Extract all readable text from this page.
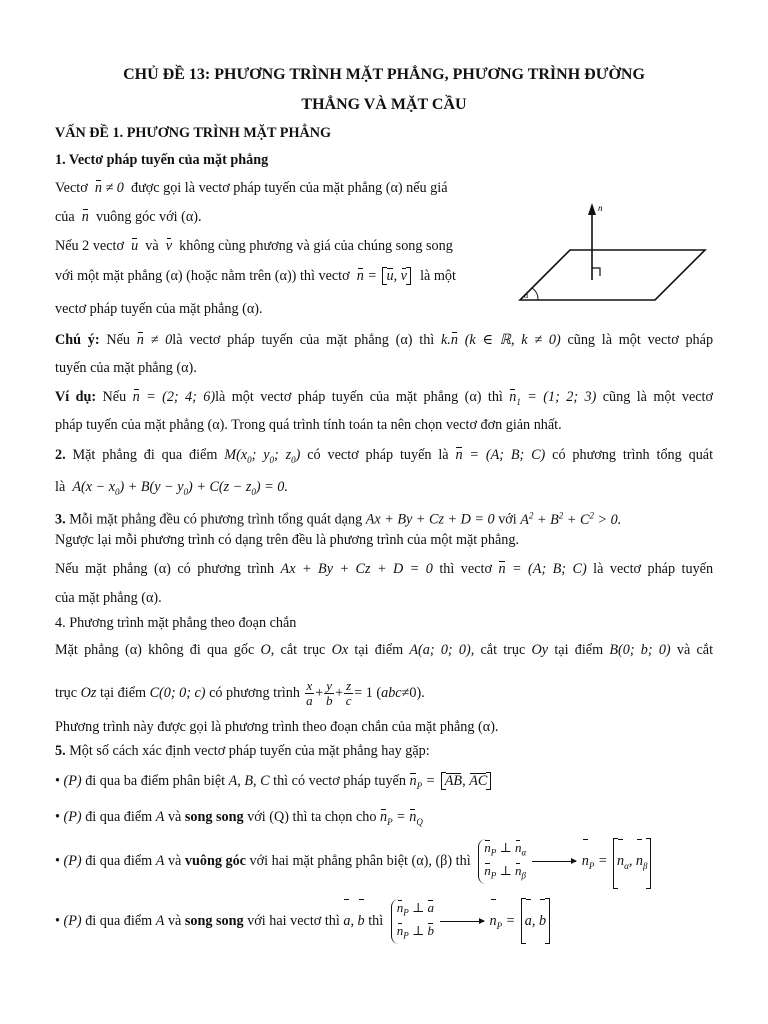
CHỦ ĐỀ 13: PHƯƠNG TRÌNH MẶT PHẲNG, PHƯƠNG TRÌNH ĐƯỜNG
THẲNG VÀ MẶT CẦU
VẤN ĐỀ 1. PHƯƠNG TRÌNH MẶT PHẲNG
1. Vectơ pháp tuyến của mặt phẳng
Vectơ n ≠ 0 được gọi là vectơ pháp tuyến của mặt phẳng (α) nếu giá
của n vuông góc với (α).
Nếu 2 vectơ u và v không cùng phương và giá của chúng song song
với một mặt phẳng (α) (hoặc nằm trên (α)) thì vectơ n = u, v là một
vectơ pháp tuyến của mặt phẳng (α).
n
α
Chú ý: Nếu n ≠ 0là vectơ pháp tuyến của mặt phẳng (α) thì k.n (k ∈ ℝ, k ≠ 0) cũng là một vectơ pháp
tuyến của mặt phẳng (α).
Ví dụ: Nếu n = (2; 4; 6)là một vectơ pháp tuyến của mặt phẳng (α) thì $n_1 = (1$; 2; 3) cũng là một vectơ
pháp tuyến của mặt phẳng (α). Trong quá trình tính toán ta nên chọn vectơ đơn giản nhất.
2. Mặt phẳng đi qua điểm $M(x_0$; $y_0$; $z_0$) có vectơ pháp tuyến là n = (A; B; C) có phương trình tổng quát
là $A(x - x_0) + B(y - y_0) + C(z - z_0) = 0$.
3. Mỗi mặt phẳng đều có phương trình tổng quát dạng Ax + By + Cz + D = 0 với $A^2 + B^2 + C^2 > 0$.
Ngược lại mỗi phương trình có dạng trên đều là phương trình của một mặt phẳng.
Nếu mặt phẳng (α) có phương trình Ax + By + Cz + D = 0 thì vectơ n = (A; B; C) là vectơ pháp tuyến
của mặt phẳng (α).
4. Phương trình mặt phẳng theo đoạn chắn
Mặt phẳng (α) không đi qua gốc O, cắt trục Ox tại điểm A(a; 0; 0), cắt trục Oy tại điểm B(0; b; 0) và cắt
trục Oz tại điểm C(0; 0; c) có phương trình $\frac{x}{a} + \frac{y}{b} + \frac{z}{c} = 1$ (abc≠0).
Phương trình này được gọi là phương trình theo đoạn chắn của mặt phẳng (α).
5. Một số cách xác định vectơ pháp tuyến của mặt phẳng hay gặp:
• (P) đi qua ba điểm phân biệt A, B, C thì có vectơ pháp tuyến $n_P$ = AB, AC
• (P) đi qua điểm A và song song với (Q) thì ta chọn cho $n_P = n_Q$
• (P) đi qua điểm A và vuông góc với hai mặt phẳng phân biệt (α), (β) thì
$n_P$ ⊥ $n_\alpha$
$n_P$ ⊥ $n_\beta$
$n_P = n_\alpha$, $n_\beta$
• (P) đi qua điểm A và song song với hai vectơ thì a, b thì
$n_P$ ⊥ a
$n_P$ ⊥ b
$n_P = a$, b
